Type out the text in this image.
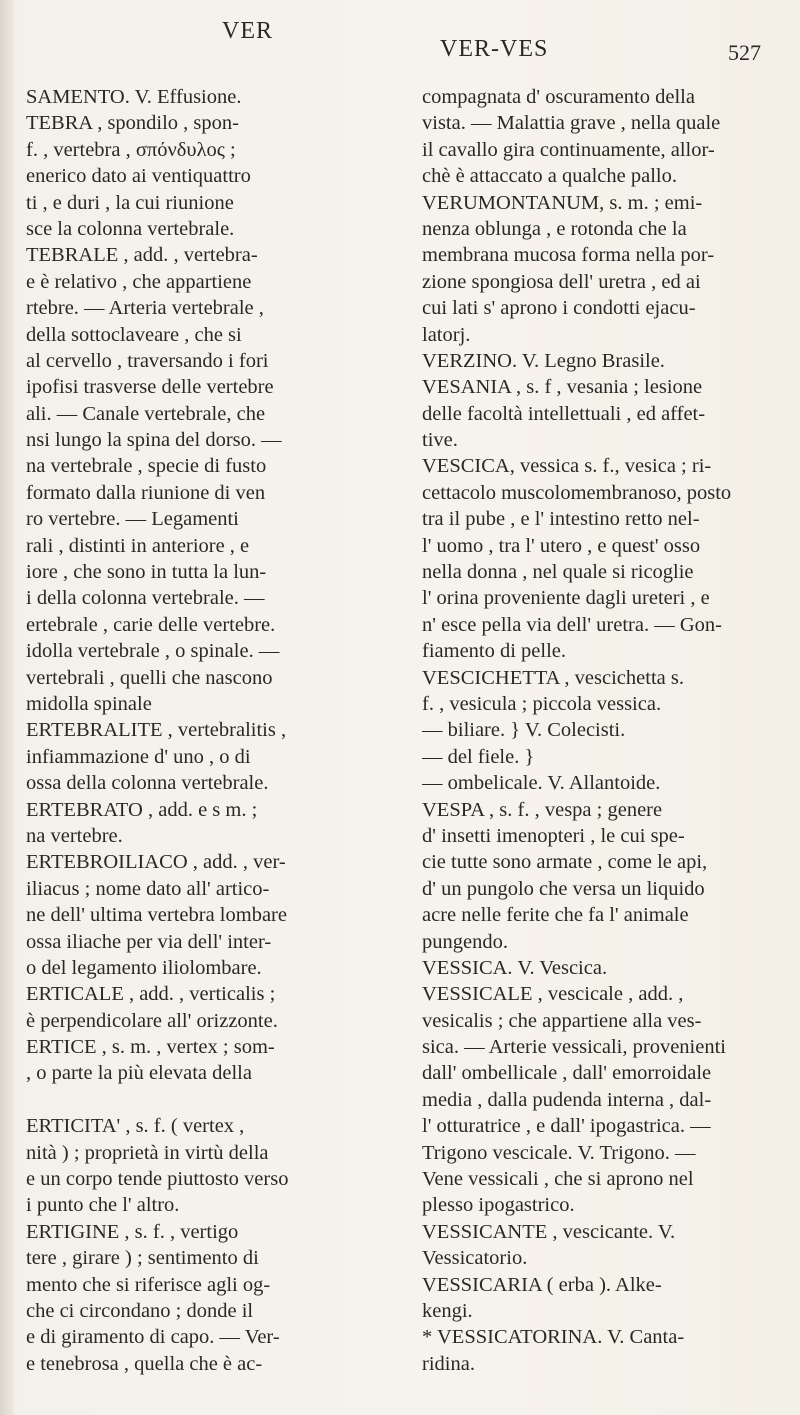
VER
VER-VES	527
SAMENTO. V. Effusione.
TEBRA , spondilo , spon-
f. , vertebra , σπόνδυλος ;
enerico dato ai ventiquattro
ti , e duri , la cui riunione
sce la colonna vertebrale.
TEBRALE , add. , vertebra-
e è relativo , che appartiene
rtebre. — Arteria vertebrale ,
della sottoclaveare , che si
al cervello , traversando i fori
ipofisi trasverse delle vertebre
ali. — Canale vertebrale, che
nsi lungo la spina del dorso. —
na vertebrale , specie di fusto
formato dalla riunione di ven
ro vertebre. — Legamenti
rali , distinti in anteriore , e
iore , che sono in tutta la lun-
i della colonna vertebrale. —
ertebrale , carie delle vertebre.
idolla vertebrale , o spinale. —
vertebrali , quelli che nascono
midolla spinale
ERTEBRALITE , vertebralitis ,
infiammazione d' uno , o di
ossa della colonna vertebrale.
ERTEBRATO , add. e s m. ;
na vertebre.
ERTEBROILIACO , add. , ver-
iliacus ; nome dato all' artico-
ne dell' ultima vertebra lombare
ossa iliache per via dell' inter-
o del legamento iliolombare.
ERTICALE , add. , verticalis ;
è perpendicolare all' orizzonte.
ERTICE , s. m. , vertex ; som-
, o parte la più elevata della
ERTICITA' , s. f. ( vertex ,
nità ) ; proprietà in virtù della
e un corpo tende piuttosto verso
i punto che l' altro.
ERTIGINE , s. f. , vertigo
tere , girare ) ; sentimento di
mento che si riferisce agli og-
che ci circondano ; donde il
e di giramento di capo. — Ver-
e tenebrosa , quella che è ac-
compagnata d' oscuramento della
vista. — Malattia grave , nella quale
il cavallo gira continuamente, allor-
chè è attaccato a qualche pallo.
VERUMONTANUM, s. m. ; emi-
nenza oblunga , e rotonda che la
membrana mucosa forma nella por-
zione spongiosa dell' uretra , ed ai
cui lati s' aprono i condotti ejacu-
latorj.
VERZINO. V. Legno Brasile.
VESANIA , s. f , vesania ; lesione
delle facoltà intellettuali , ed affet-
tive.
VESCICA, vessica s. f., vesica ; ri-
cettacolo muscolomembranoso, posto
tra il pube , e l' intestino retto nel-
l' uomo , tra l' utero , e quest' osso
nella donna , nel quale si ricoglie
l' orina proveniente dagli ureteri , e
n' esce pella via dell' uretra. — Gon-
fiamento di pelle.
VESCICHETTA , vescichetta s.
f. , vesicula ; piccola vessica.
— biliare. } V. Colecisti.
— del fiele. }
— ombelicale. V. Allantoide.
VESPA , s. f. , vespa ; genere
d' insetti imenopteri , le cui spe-
cie tutte sono armate , come le api,
d' un pungolo che versa un liquido
acre nelle ferite che fa l' animale
pungendo.
VESSICA. V. Vescica.
VESSICALE , vescicale , add. ,
vesicalis ; che appartiene alla ves-
sica. — Arterie vessicali, provenienti
dall' ombellicale , dall' emorroidale
media , dalla pudenda interna , dal-
l' otturatrice , e dall' ipogastrica. —
Trigono vescicale. V. Trigono. —
Vene vessicali , che si aprono nel
plesso ipogastrico.
VESSICANTE , vescicante. V.
Vessicatorio.
VESSICARIA ( erba ). Alke-
kengi.
* VESSICATORINA. V. Canta-
ridina.
